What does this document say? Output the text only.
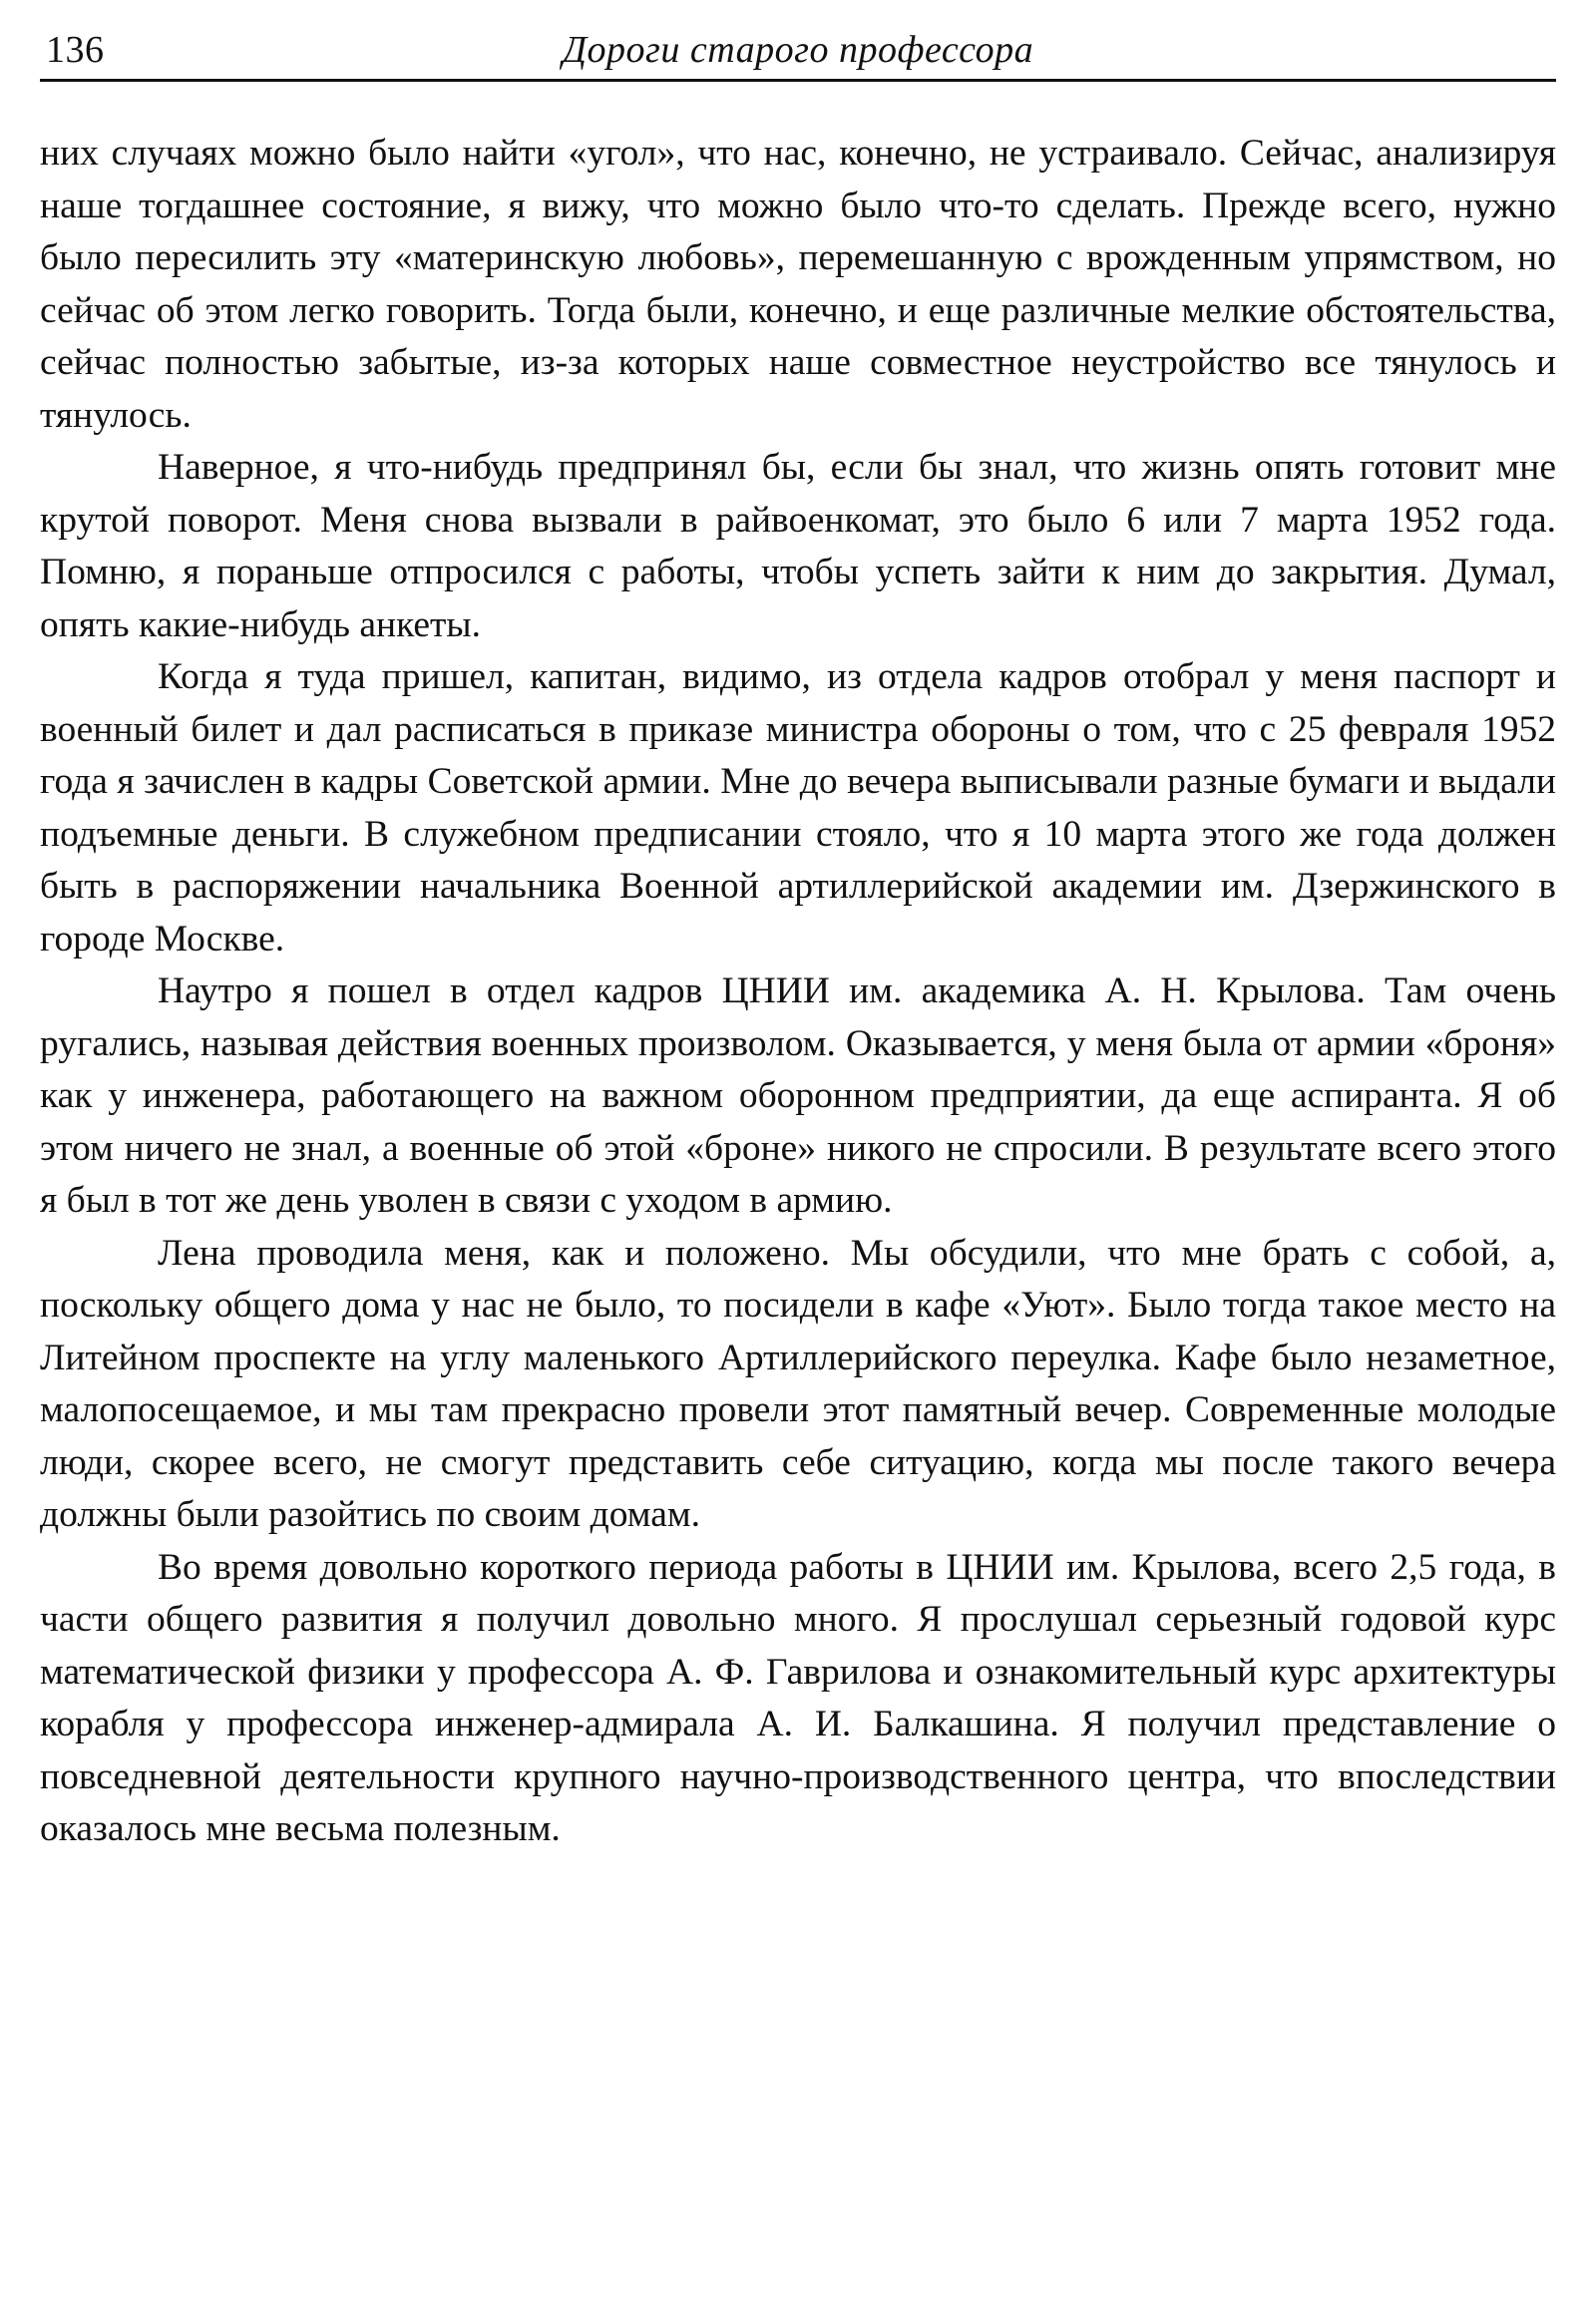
136	Дороги старого профессора

них случаях можно было найти «угол», что нас, конечно, не устраивало. Сейчас, анализируя наше тогдашнее состояние, я вижу, что можно было что-то сделать. Прежде всего, нужно было пересилить эту «материнскую любовь», перемешанную с врожденным упрямством, но сейчас об этом легко говорить. Тогда были, конечно, и еще различные мелкие обстоятельства, сейчас полностью забытые, из-за которых наше совместное неустройство все тянулось и тянулось.

Наверное, я что-нибудь предпринял бы, если бы знал, что жизнь опять готовит мне крутой поворот. Меня снова вызвали в райвоенкомат, это было 6 или 7 марта 1952 года. Помню, я пораньше отпросился с работы, чтобы успеть зайти к ним до закрытия. Думал, опять какие-нибудь анкеты.

Когда я туда пришел, капитан, видимо, из отдела кадров отобрал у меня паспорт и военный билет и дал расписаться в приказе министра обороны о том, что с 25 февраля 1952 года я зачислен в кадры Советской армии. Мне до вечера выписывали разные бумаги и выдали подъемные деньги. В служебном предписании стояло, что я 10 марта этого же года должен быть в распоряжении начальника Военной артиллерийской академии им. Дзержинского в городе Москве.

Наутро я пошел в отдел кадров ЦНИИ им. академика А. Н. Крылова. Там очень ругались, называя действия военных произволом. Оказывается, у меня была от армии «броня» как у инженера, работающего на важном оборонном предприятии, да еще аспиранта. Я об этом ничего не знал, а военные об этой «броне» никого не спросили. В результате всего этого я был в тот же день уволен в связи с уходом в армию.

Лена проводила меня, как и положено. Мы обсудили, что мне брать с собой, а, поскольку общего дома у нас не было, то посидели в кафе «Уют». Было тогда такое место на Литейном проспекте на углу маленького Артиллерийского переулка. Кафе было незаметное, малопосещаемое, и мы там прекрасно провели этот памятный вечер. Современные молодые люди, скорее всего, не смогут представить себе ситуацию, когда мы после такого вечера должны были разойтись по своим домам.

Во время довольно короткого периода работы в ЦНИИ им. Крылова, всего 2,5 года, в части общего развития я получил довольно много. Я прослушал серьезный годовой курс математической физики у профессора А. Ф. Гаврилова и ознакомительный курс архитектуры корабля у профессора инженер-адмирала А. И. Балкашина. Я получил представление о повседневной деятельности крупного научно-производственного центра, что впоследствии оказалось мне весьма полезным.
